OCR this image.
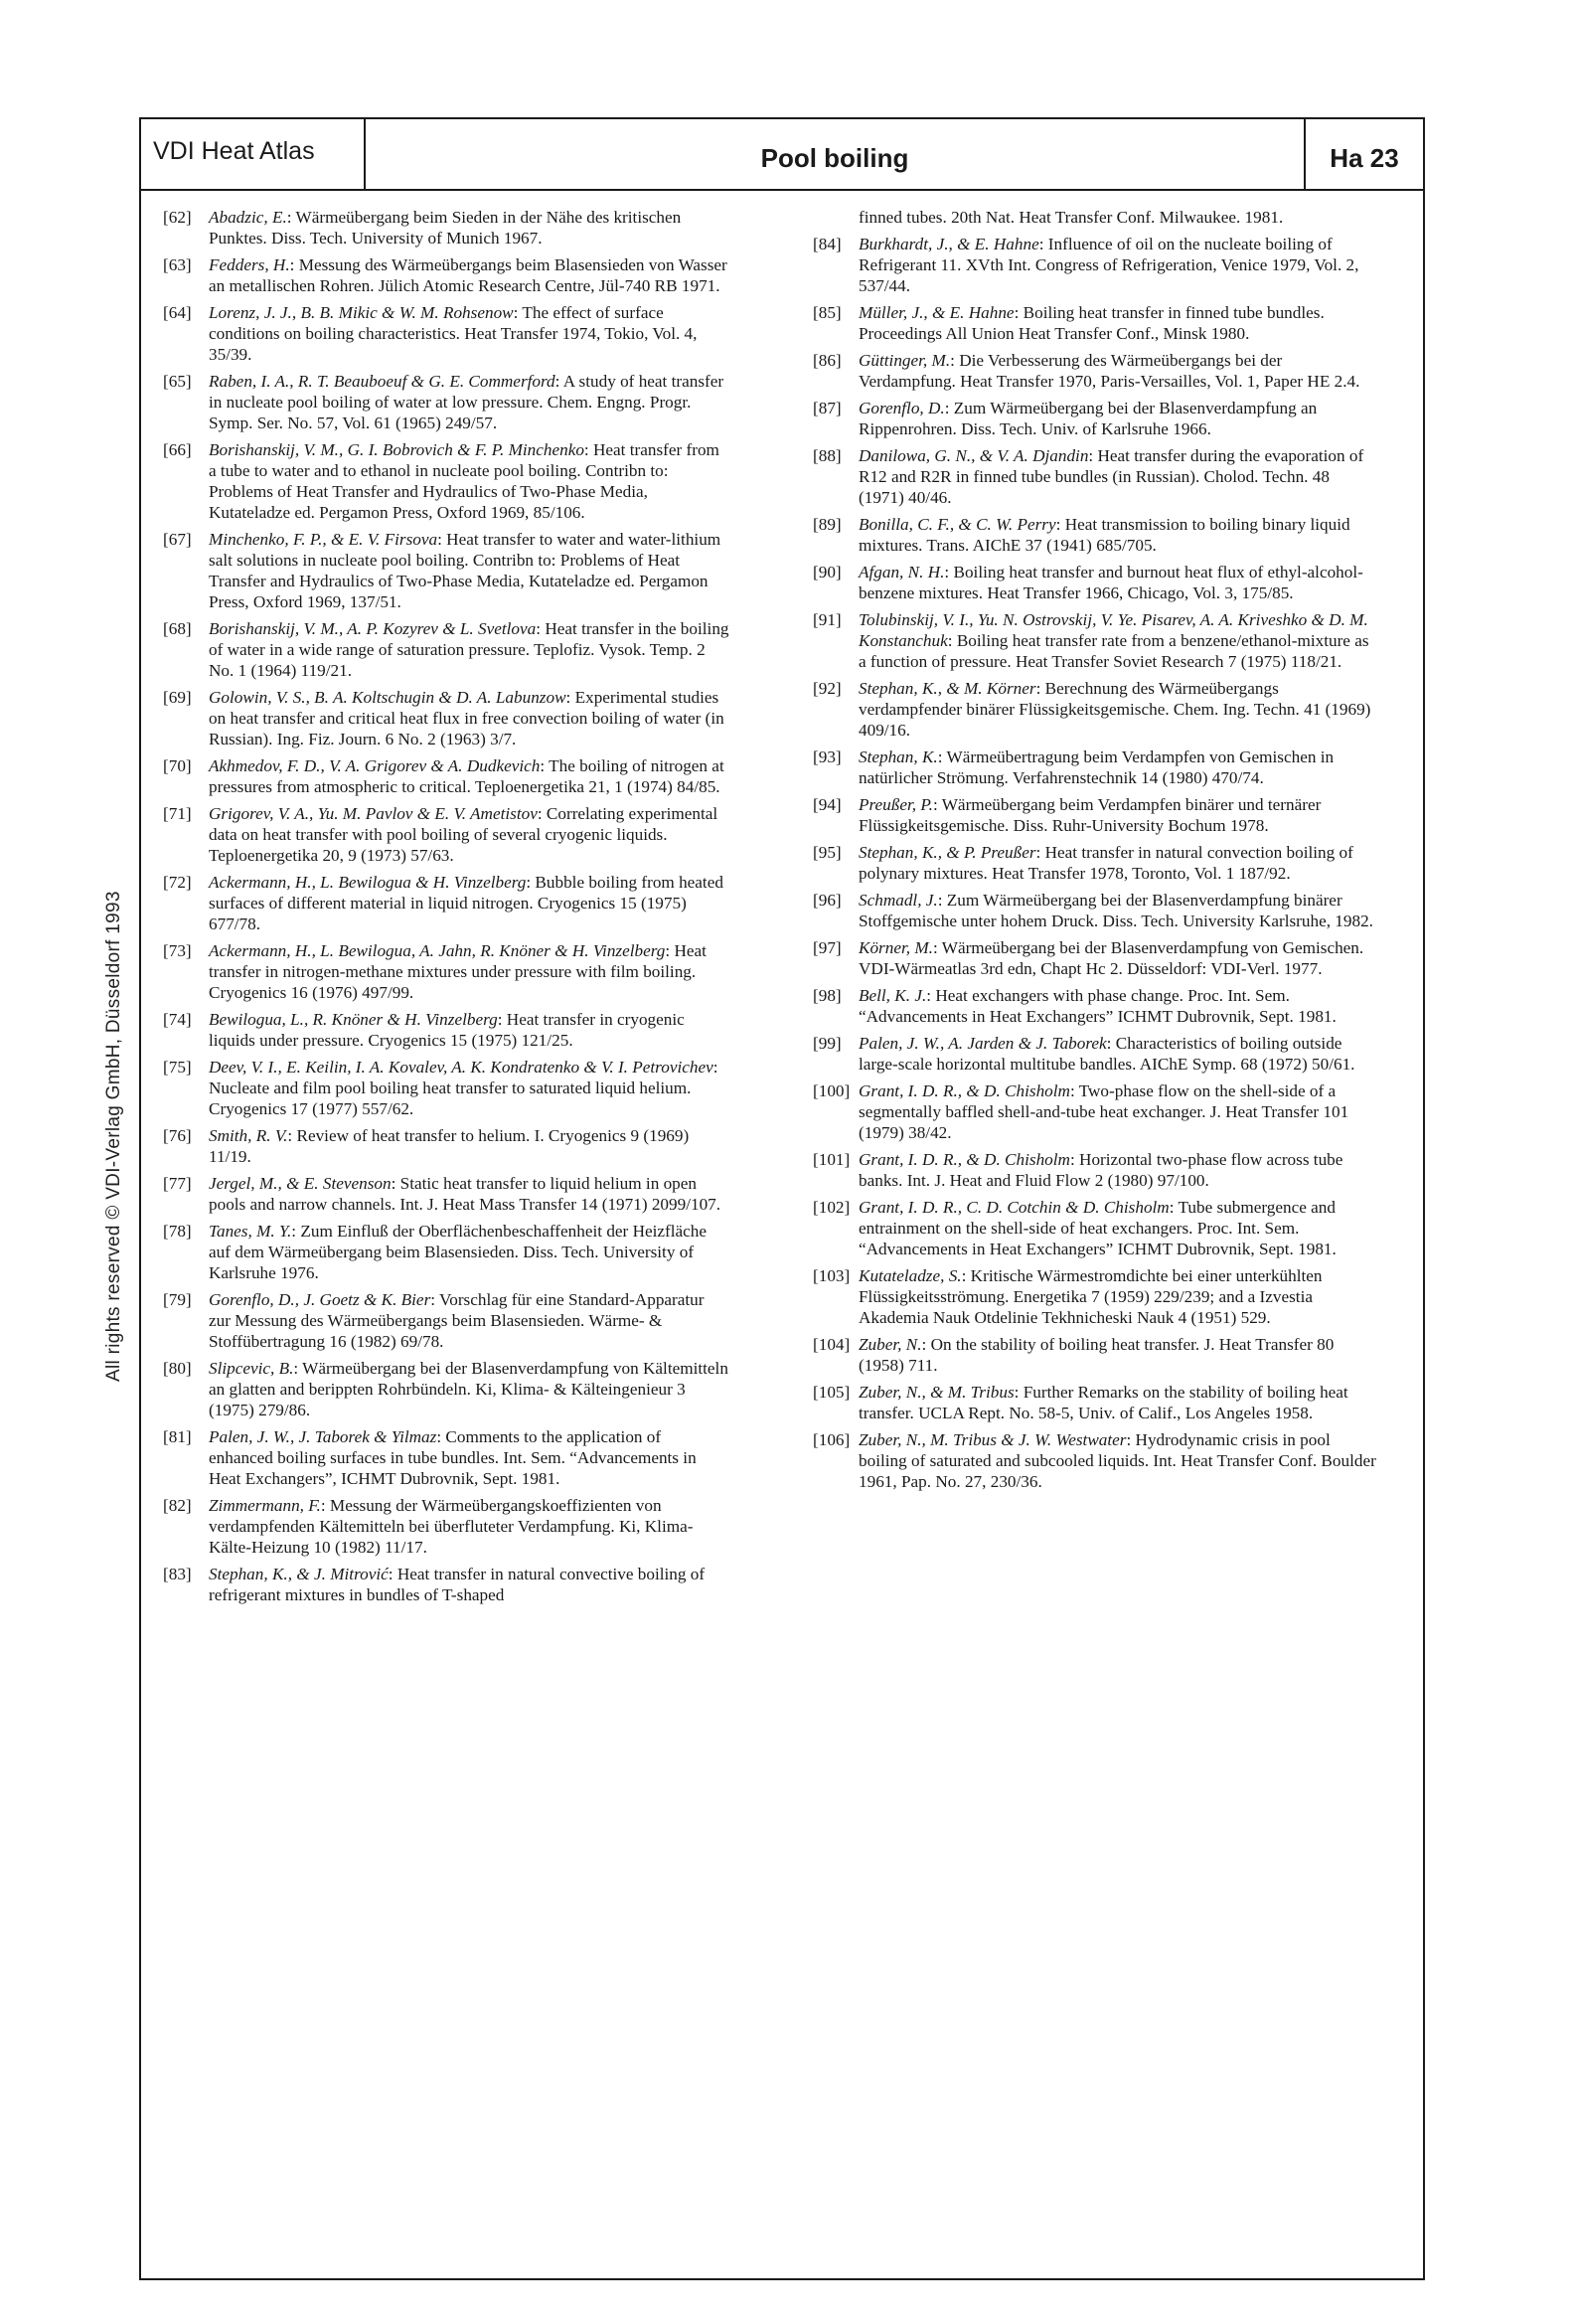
VDI Heat Atlas	Pool boiling	Ha 23
[62] Abadzic, E.: Wärmeübergang beim Sieden in der Nähe des kritischen Punktes. Diss. Tech. University of Munich 1967.
[63] Fedders, H.: Messung des Wärmeübergangs beim Blasensieden von Wasser an metallischen Rohren. Jülich Atomic Research Centre, Jül-740 RB 1971.
[64] Lorenz, J. J., B. B. Mikic & W. M. Rohsenow: The effect of surface conditions on boiling characteristics. Heat Transfer 1974, Tokio, Vol. 4, 35/39.
[65] Raben, I. A., R. T. Beauboeuf & G. E. Commerford: A study of heat transfer in nucleate pool boiling of water at low pressure. Chem. Engng. Progr. Symp. Ser. No. 57, Vol. 61 (1965) 249/57.
[66] Borishanskij, V. M., G. I. Bobrovich & F. P. Minchenko: Heat transfer from a tube to water and to ethanol in nucleate pool boiling. Contribn to: Problems of Heat Transfer and Hydraulics of Two-Phase Media, Kutateladze ed. Pergamon Press, Oxford 1969, 85/106.
[67] Minchenko, F. P., & E. V. Firsova: Heat transfer to water and water-lithium salt solutions in nucleate pool boiling. Contribn to: Problems of Heat Transfer and Hydraulics of Two-Phase Media, Kutateladze ed. Pergamon Press, Oxford 1969, 137/51.
[68] Borishanskij, V. M., A. P. Kozyrev & L. Svetlova: Heat transfer in the boiling of water in a wide range of saturation pressure. Teplofiz. Vysok. Temp. 2 No. 1 (1964) 119/21.
[69] Golowin, V. S., B. A. Koltschugin & D. A. Labunzow: Experimental studies on heat transfer and critical heat flux in free convection boiling of water (in Russian). Ing. Fiz. Journ. 6 No. 2 (1963) 3/7.
[70] Akhmedov, F. D., V. A. Grigorev & A. Dudkevich: The boiling of nitrogen at pressures from atmospheric to critical. Teploenergetika 21, 1 (1974) 84/85.
[71] Grigorev, V. A., Yu. M. Pavlov & E. V. Ametistov: Correlating experimental data on heat transfer with pool boiling of several cryogenic liquids. Teploenergetika 20, 9 (1973) 57/63.
[72] Ackermann, H., L. Bewilogua & H. Vinzelberg: Bubble boiling from heated surfaces of different material in liquid nitrogen. Cryogenics 15 (1975) 677/78.
[73] Ackermann, H., L. Bewilogua, A. Jahn, R. Knöner & H. Vinzelberg: Heat transfer in nitrogen-methane mixtures under pressure with film boiling. Cryogenics 16 (1976) 497/99.
[74] Bewilogua, L., R. Knöner & H. Vinzelberg: Heat transfer in cryogenic liquids under pressure. Cryogenics 15 (1975) 121/25.
[75] Deev, V. I., E. Keilin, I. A. Kovalev, A. K. Kondratenko & V. I. Petrovichev: Nucleate and film pool boiling heat transfer to saturated liquid helium. Cryogenics 17 (1977) 557/62.
[76] Smith, R. V.: Review of heat transfer to helium. I. Cryogenics 9 (1969) 11/19.
[77] Jergel, M., & E. Stevenson: Static heat transfer to liquid helium in open pools and narrow channels. Int. J. Heat Mass Transfer 14 (1971) 2099/107.
[78] Tanes, M. Y.: Zum Einfluß der Oberflächenbeschaffenheit der Heizfläche auf dem Wärmeübergang beim Blasensieden. Diss. Tech. University of Karlsruhe 1976.
[79] Gorenflo, D., J. Goetz & K. Bier: Vorschlag für eine Standard-Apparatur zur Messung des Wärmeübergangs beim Blasensieden. Wärme- & Stoffübertragung 16 (1982) 69/78.
[80] Slipcevic, B.: Wärmeübergang bei der Blasenverdampfung von Kältemitteln an glatten and berippten Rohrbündeln. Ki, Klima- & Kälteingenieur 3 (1975) 279/86.
[81] Palen, J. W., J. Taborek & Yilmaz: Comments to the application of enhanced boiling surfaces in tube bundles. Int. Sem. “Advancements in Heat Exchangers”, ICHMT Dubrovnik, Sept. 1981.
[82] Zimmermann, F.: Messung der Wärmeübergangskoeffizienten von verdampfenden Kältemitteln bei überfluteter Verdampfung. Ki, Klima-Kälte-Heizung 10 (1982) 11/17.
[83] Stephan, K., & J. Mitrović: Heat transfer in natural convective boiling of refrigerant mixtures in bundles of T-shaped
finned tubes. 20th Nat. Heat Transfer Conf. Milwaukee. 1981.
[84] Burkhardt, J., & E. Hahne: Influence of oil on the nucleate boiling of Refrigerant 11. XVth Int. Congress of Refrigeration, Venice 1979, Vol. 2, 537/44.
[85] Müller, J., & E. Hahne: Boiling heat transfer in finned tube bundles. Proceedings All Union Heat Transfer Conf., Minsk 1980.
[86] Güttinger, M.: Die Verbesserung des Wärmeübergangs bei der Verdampfung. Heat Transfer 1970, Paris-Versailles, Vol. 1, Paper HE 2.4.
[87] Gorenflo, D.: Zum Wärmeübergang bei der Blasenverdampfung an Rippenrohren. Diss. Tech. Univ. of Karlsruhe 1966.
[88] Danilowa, G. N., & V. A. Djandin: Heat transfer during the evaporation of R12 and R2R in finned tube bundles (in Russian). Cholod. Techn. 48 (1971) 40/46.
[89] Bonilla, C. F., & C. W. Perry: Heat transmission to boiling binary liquid mixtures. Trans. AIChE 37 (1941) 685/705.
[90] Afgan, N. H.: Boiling heat transfer and burnout heat flux of ethyl-alcohol-benzene mixtures. Heat Transfer 1966, Chicago, Vol. 3, 175/85.
[91] Tolubinskij, V. I., Yu. N. Ostrovskij, V. Ye. Pisarev, A. A. Kriveshko & D. M. Konstanchuk: Boiling heat transfer rate from a benzene/ethanol-mixture as a function of pressure. Heat Transfer Soviet Research 7 (1975) 118/21.
[92] Stephan, K., & M. Körner: Berechnung des Wärmeübergangs verdampfender binärer Flüssigkeitsgemische. Chem. Ing. Techn. 41 (1969) 409/16.
[93] Stephan, K.: Wärmeübertragung beim Verdampfen von Gemischen in natürlicher Strömung. Verfahrenstechnik 14 (1980) 470/74.
[94] Preußer, P.: Wärmeübergang beim Verdampfen binärer und ternärer Flüssigkeitsgemische. Diss. Ruhr-University Bochum 1978.
[95] Stephan, K., & P. Preußer: Heat transfer in natural convection boiling of polynary mixtures. Heat Transfer 1978, Toronto, Vol. 1 187/92.
[96] Schmadl, J.: Zum Wärmeübergang bei der Blasenverdampfung binärer Stoffgemische unter hohem Druck. Diss. Tech. University Karlsruhe, 1982.
[97] Körner, M.: Wärmeübergang bei der Blasenverdampfung von Gemischen. VDI-Wärmeatlas 3rd edn, Chapt Hc 2. Düsseldorf: VDI-Verl. 1977.
[98] Bell, K. J.: Heat exchangers with phase change. Proc. Int. Sem. “Advancements in Heat Exchangers” ICHMT Dubrovnik, Sept. 1981.
[99] Palen, J. W., A. Jarden & J. Taborek: Characteristics of boiling outside large-scale horizontal multitube bandles. AIChE Symp. 68 (1972) 50/61.
[100] Grant, I. D. R., & D. Chisholm: Two-phase flow on the shell-side of a segmentally baffled shell-and-tube heat exchanger. J. Heat Transfer 101 (1979) 38/42.
[101] Grant, I. D. R., & D. Chisholm: Horizontal two-phase flow across tube banks. Int. J. Heat and Fluid Flow 2 (1980) 97/100.
[102] Grant, I. D. R., C. D. Cotchin & D. Chisholm: Tube submergence and entrainment on the shell-side of heat exchangers. Proc. Int. Sem. “Advancements in Heat Exchangers” ICHMT Dubrovnik, Sept. 1981.
[103] Kutateladze, S.: Kritische Wärmestromdichte bei einer unterkühlten Flüssigkeitsströmung. Energetika 7 (1959) 229/239; and a Izvestia Akademia Nauk Otdelinie Tekhnicheski Nauk 4 (1951) 529.
[104] Zuber, N.: On the stability of boiling heat transfer. J. Heat Transfer 80 (1958) 711.
[105] Zuber, N., & M. Tribus: Further Remarks on the stability of boiling heat transfer. UCLA Rept. No. 58-5, Univ. of Calif., Los Angeles 1958.
[106] Zuber, N., M. Tribus & J. W. Westwater: Hydrodynamic crisis in pool boiling of saturated and subcooled liquids. Int. Heat Transfer Conf. Boulder 1961, Pap. No. 27, 230/36.
All rights reserved © VDI-Verlag GmbH, Düsseldorf 1993
